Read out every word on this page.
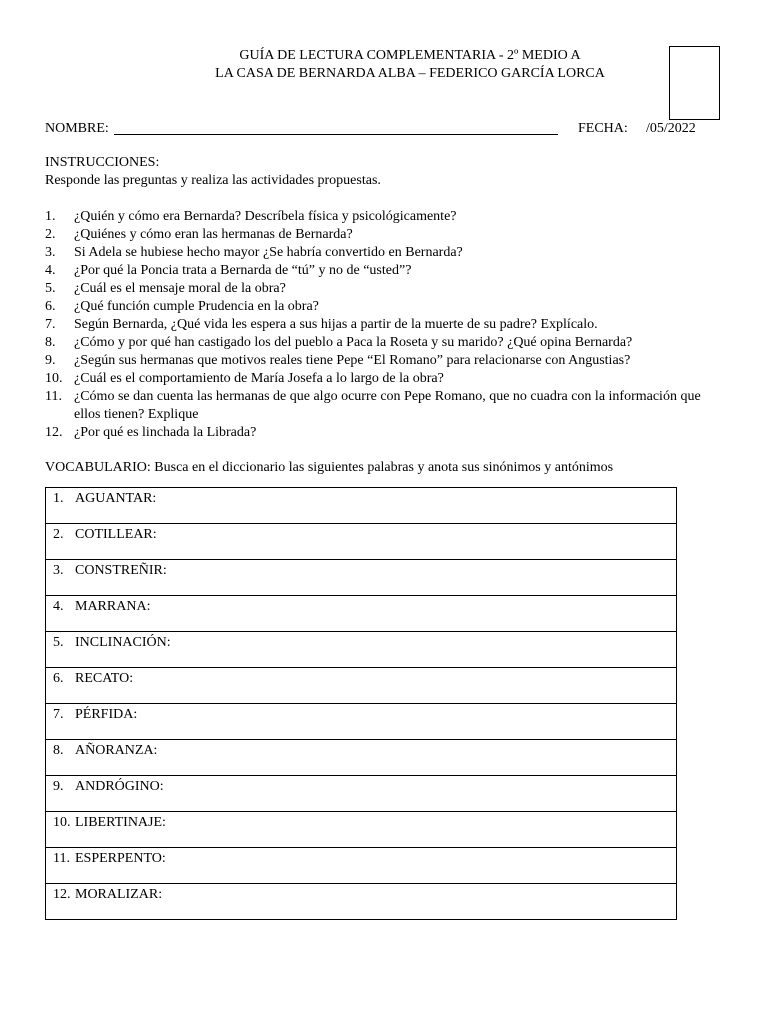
GUÍA DE LECTURA COMPLEMENTARIA - 2º MEDIO A
LA CASA DE BERNARDA ALBA – FEDERICO GARCÍA LORCA
NOMBRE:	FECHA: /05/2022
INSTRUCCIONES:
Responde las preguntas y realiza las actividades propuestas.
1. ¿Quién y cómo era Bernarda? Descríbela física y psicológicamente?
2. ¿Quiénes y cómo eran las hermanas de Bernarda?
3. Si Adela se hubiese hecho mayor ¿Se habría convertido en Bernarda?
4. ¿Por qué la Poncia trata a Bernarda de “tú” y no de “usted”?
5. ¿Cuál es el mensaje moral de la obra?
6. ¿Qué función cumple Prudencia en la obra?
7. Según Bernarda, ¿Qué vida les espera a sus hijas a partir de la muerte de su padre? Explícalo.
8. ¿Cómo y por qué han castigado los del pueblo a Paca la Roseta y su marido? ¿Qué opina Bernarda?
9. ¿Según sus hermanas que motivos reales tiene Pepe “El Romano” para relacionarse con Angustias?
10. ¿Cuál es el comportamiento de María Josefa a lo largo de la obra?
11. ¿Cómo se dan cuenta las hermanas de que algo ocurre con Pepe Romano, que no cuadra con la información que ellos tienen? Explique
12. ¿Por qué es linchada la Librada?
VOCABULARIO: Busca en el diccionario las siguientes palabras y anota sus sinónimos y antónimos
1. AGUANTAR:

2. COTILLEAR:

3. CONSTREÑIR:

4. MARRANA:

5. INCLINACIÓN:

6. RECATO:

7. PÉRFIDA:

8. AÑORANZA:

9. ANDRÓGINO:

10. LIBERTINAJE:

11. ESPERPENTO:

12. MORALIZAR:
